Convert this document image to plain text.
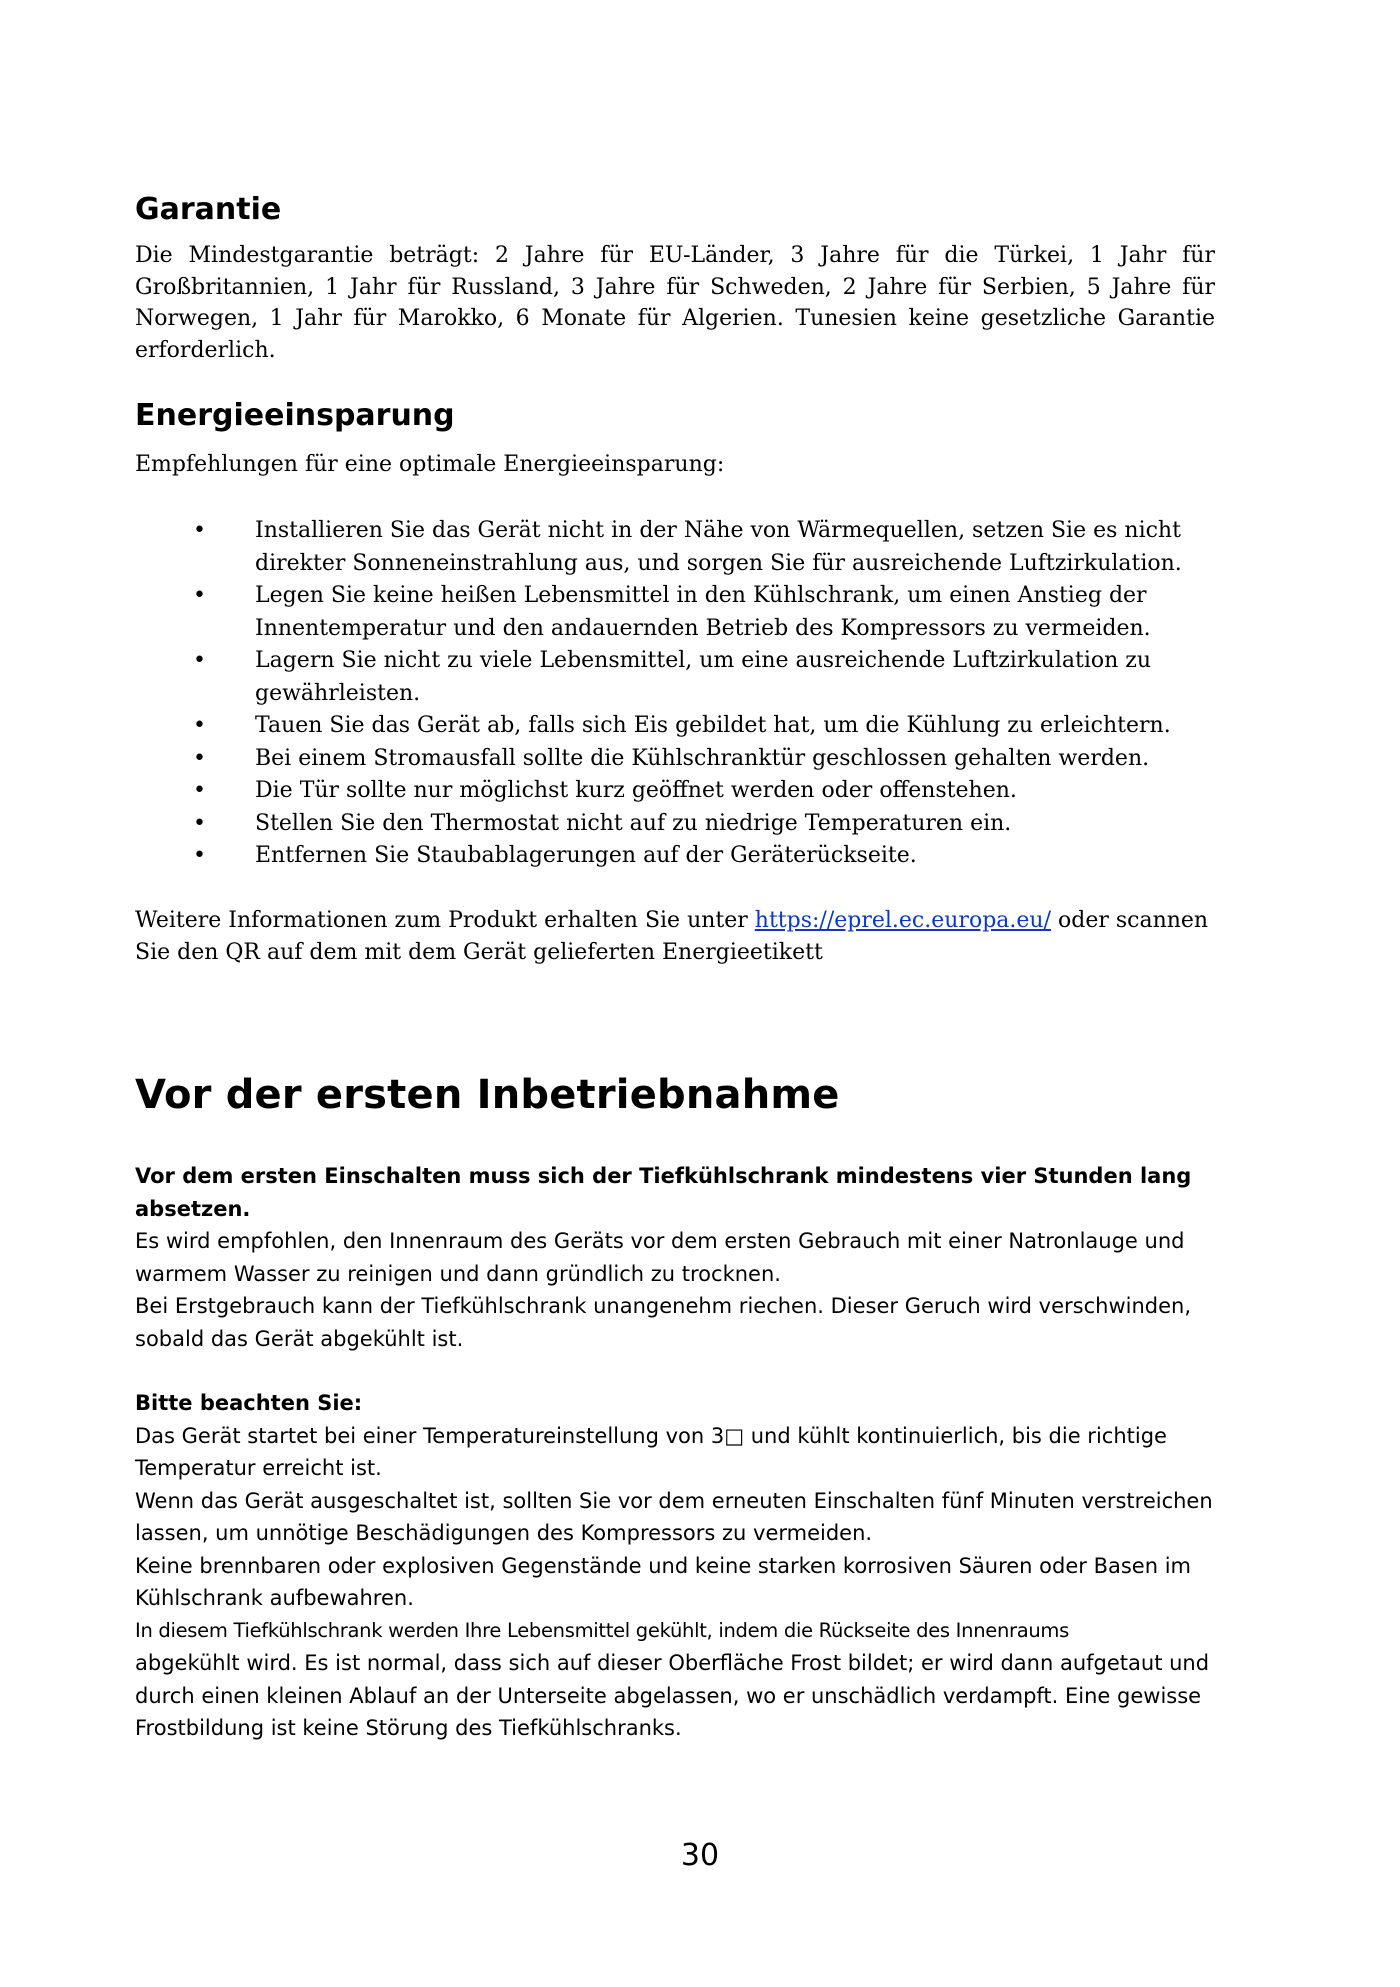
Garantie

Die Mindestgarantie beträgt: 2 Jahre für EU-Länder, 3 Jahre für die Türkei, 1 Jahr für Großbritannien, 1 Jahr für Russland, 3 Jahre für Schweden, 2 Jahre für Serbien, 5 Jahre für Norwegen, 1 Jahr für Marokko, 6 Monate für Algerien. Tunesien keine gesetzliche Garantie erforderlich.

Energieeinsparung

Empfehlungen für eine optimale Energieeinsparung:

• Installieren Sie das Gerät nicht in der Nähe von Wärmequellen, setzen Sie es nicht direkter Sonneneinstrahlung aus, und sorgen Sie für ausreichende Luftzirkulation.
• Legen Sie keine heißen Lebensmittel in den Kühlschrank, um einen Anstieg der Innentemperatur und den andauernden Betrieb des Kompressors zu vermeiden.
• Lagern Sie nicht zu viele Lebensmittel, um eine ausreichende Luftzirkulation zu gewährleisten.
• Tauen Sie das Gerät ab, falls sich Eis gebildet hat, um die Kühlung zu erleichtern.
• Bei einem Stromausfall sollte die Kühlschranktür geschlossen gehalten werden.
• Die Tür sollte nur möglichst kurz geöffnet werden oder offenstehen.
• Stellen Sie den Thermostat nicht auf zu niedrige Temperaturen ein.
• Entfernen Sie Staubablagerungen auf der Geräterückseite.

Weitere Informationen zum Produkt erhalten Sie unter https://eprel.ec.europa.eu/ oder scannen Sie den QR auf dem mit dem Gerät gelieferten Energieetikett

Vor der ersten Inbetriebnahme
Vor dem ersten Einschalten muss sich der Tiefkühlschrank mindestens vier Stunden lang absetzen.
Es wird empfohlen, den Innenraum des Geräts vor dem ersten Gebrauch mit einer Natronlauge und warmem Wasser zu reinigen und dann gründlich zu trocknen.
Bei Erstgebrauch kann der Tiefkühlschrank unangenehm riechen. Dieser Geruch wird verschwinden, sobald das Gerät abgekühlt ist.
Bitte beachten Sie:
Das Gerät startet bei einer Temperatureinstellung von 3□ und kühlt kontinuierlich, bis die richtige Temperatur erreicht ist.
Wenn das Gerät ausgeschaltet ist, sollten Sie vor dem erneuten Einschalten fünf Minuten verstreichen lassen, um unnötige Beschädigungen des Kompressors zu vermeiden.
Keine brennbaren oder explosiven Gegenstände und keine starken korrosiven Säuren oder Basen im Kühlschrank aufbewahren.
In diesem Tiefkühlschrank werden Ihre Lebensmittel gekühlt, indem die Rückseite des Innenraums
abgekühlt wird. Es ist normal, dass sich auf dieser Oberfläche Frost bildet; er wird dann aufgetaut und durch einen kleinen Ablauf an der Unterseite abgelassen, wo er unschädlich verdampft. Eine gewisse Frostbildung ist keine Störung des Tiefkühlschranks.
30
